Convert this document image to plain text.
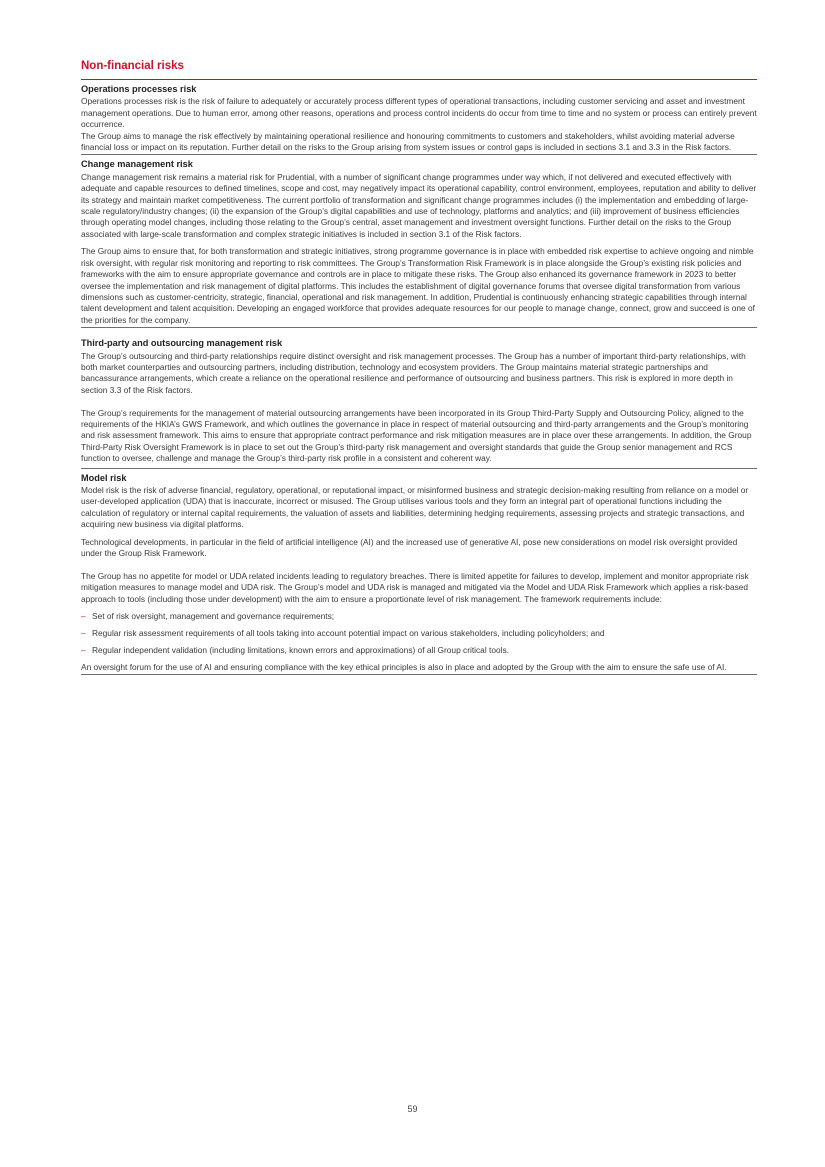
Non-financial risks
Operations processes risk

Operations processes risk is the risk of failure to adequately or accurately process different types of operational transactions, including customer servicing and asset and investment management operations. Due to human error, among other reasons, operations and process control incidents do occur from time to time and no system or process can entirely prevent occurrence.

The Group aims to manage the risk effectively by maintaining operational resilience and honouring commitments to customers and stakeholders, whilst avoiding material adverse financial loss or impact on its reputation. Further detail on the risks to the Group arising from system issues or control gaps is included in sections 3.1 and 3.3 in the Risk factors.

Change management risk

Change management risk remains a material risk for Prudential, with a number of significant change programmes under way which, if not delivered and executed effectively with adequate and capable resources to defined timelines, scope and cost, may negatively impact its operational capability, control environment, employees, reputation and ability to deliver its strategy and maintain market competitiveness. The current portfolio of transformation and significant change programmes includes (i) the implementation and embedding of large-scale regulatory/industry changes; (ii) the expansion of the Group’s digital capabilities and use of technology, platforms and analytics; and (iii) improvement of business efficiencies through operating model changes, including those relating to the Group’s central, asset management and investment oversight functions. Further detail on the risks to the Group associated with large-scale transformation and complex strategic initiatives is included in section 3.1 of the Risk factors.

The Group aims to ensure that, for both transformation and strategic initiatives, strong programme governance is in place with embedded risk expertise to achieve ongoing and nimble risk oversight, with regular risk monitoring and reporting to risk committees. The Group’s Transformation Risk Framework is in place alongside the Group’s existing risk policies and frameworks with the aim to ensure appropriate governance and controls are in place to mitigate these risks. The Group also enhanced its governance framework in 2023 to better oversee the implementation and risk management of digital platforms. This includes the establishment of digital governance forums that oversee digital transformation from various dimensions such as customer-centricity, strategic, financial, operational and risk management. In addition, Prudential is continuously enhancing strategic capabilities through internal talent development and talent acquisition. Developing an engaged workforce that provides adequate resources for our people to manage change, connect, grow and succeed is one of the priorities for the company.

Third-party and outsourcing management risk

The Group’s outsourcing and third-party relationships require distinct oversight and risk management processes. The Group has a number of important third-party relationships, with both market counterparties and outsourcing partners, including distribution, technology and ecosystem providers. The Group maintains material strategic partnerships and bancassurance arrangements, which create a reliance on the operational resilience and performance of outsourcing and business partners. This risk is explored in more depth in section 3.3 of the Risk factors.

The Group’s requirements for the management of material outsourcing arrangements have been incorporated in its Group Third-Party Supply and Outsourcing Policy, aligned to the requirements of the HKIA’s GWS Framework, and which outlines the governance in place in respect of material outsourcing and third-party arrangements and the Group’s monitoring and risk assessment framework. This aims to ensure that appropriate contract performance and risk mitigation measures are in place over these arrangements. In addition, the Group Third-Party Risk Oversight Framework is in place to set out the Group’s third-party risk management and oversight standards that guide the Group senior management and RCS function to oversee, challenge and manage the Group’s third-party risk profile in a consistent and coherent way.

Model risk

Model risk is the risk of adverse financial, regulatory, operational, or reputational impact, or misinformed business and strategic decision-making resulting from reliance on a model or user-developed application (UDA) that is inaccurate, incorrect or misused. The Group utilises various tools and they form an integral part of operational functions including the calculation of regulatory or internal capital requirements, the valuation of assets and liabilities, determining hedging requirements, assessing projects and strategic transactions, and acquiring new business via digital platforms.

Technological developments, in particular in the field of artificial intelligence (AI) and the increased use of generative AI, pose new considerations on model risk oversight provided under the Group Risk Framework.

The Group has no appetite for model or UDA related incidents leading to regulatory breaches. There is limited appetite for failures to develop, implement and monitor appropriate risk mitigation measures to manage model and UDA risk. The Group’s model and UDA risk is managed and mitigated via the Model and UDA Risk Framework which applies a risk-based approach to tools (including those under development) with the aim to ensure a proportionate level of risk management. The framework requirements include:

– Set of risk oversight, management and governance requirements;
– Regular risk assessment requirements of all tools taking into account potential impact on various stakeholders, including policyholders; and
– Regular independent validation (including limitations, known errors and approximations) of all Group critical tools.

An oversight forum for the use of AI and ensuring compliance with the key ethical principles is also in place and adopted by the Group with the aim to ensure the safe use of AI.

59
